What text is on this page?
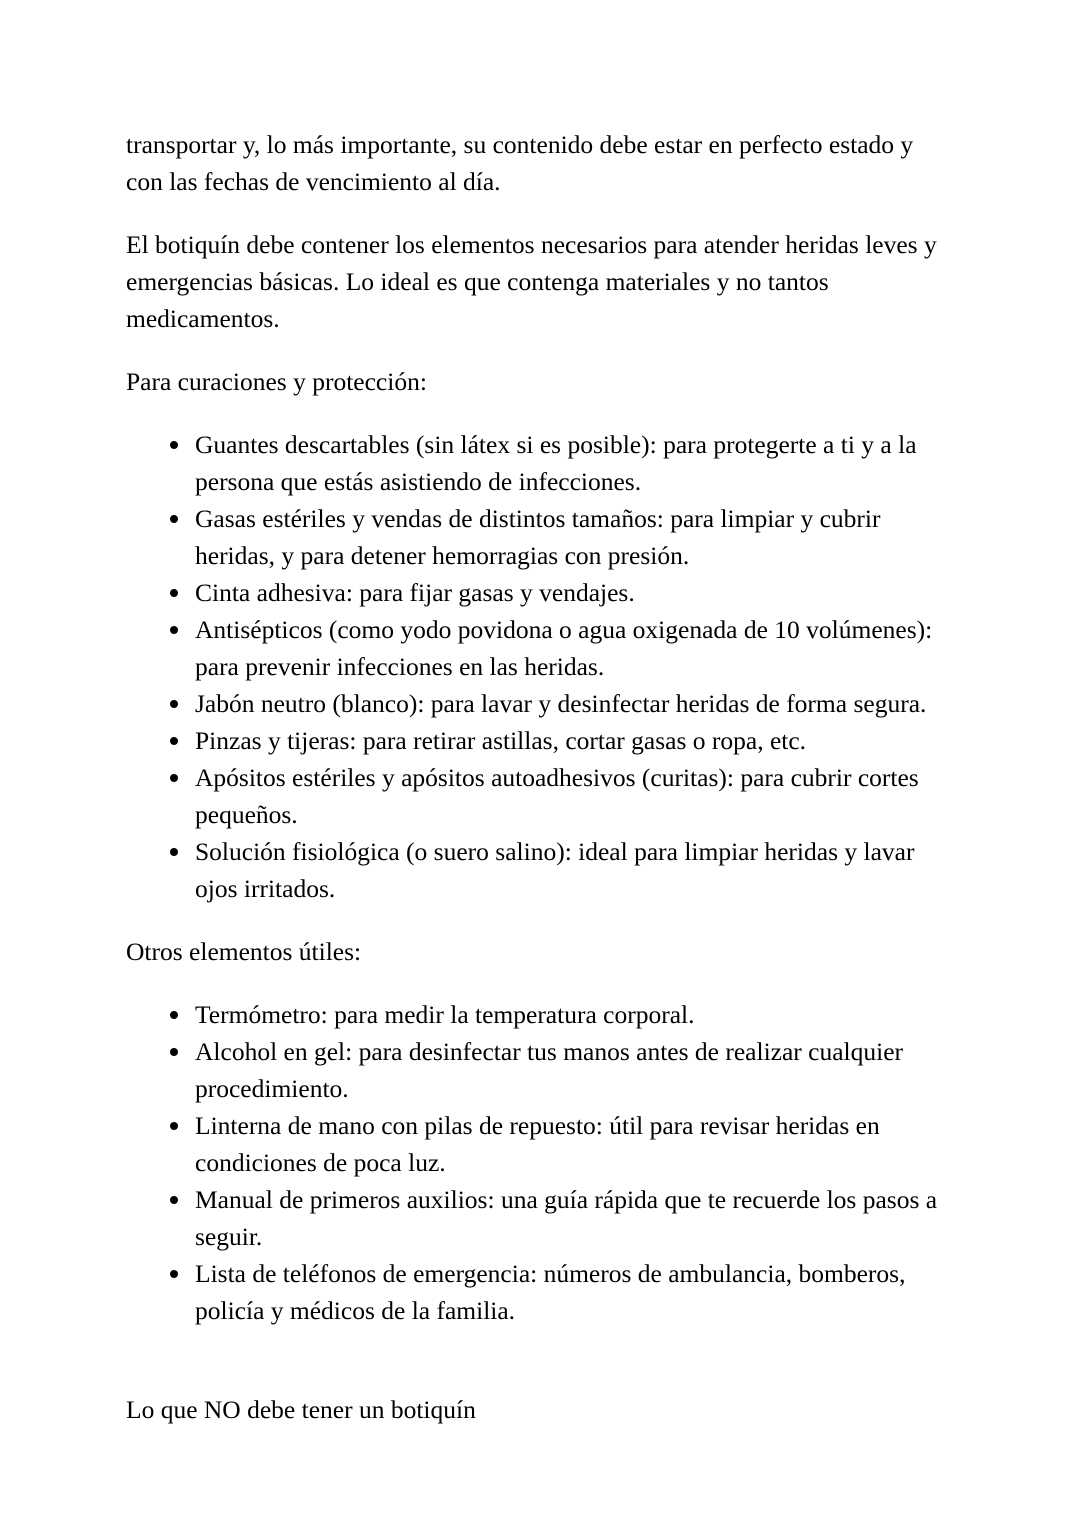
transportar y, lo más importante, su contenido debe estar en perfecto estado y con las fechas de vencimiento al día.

El botiquín debe contener los elementos necesarios para atender heridas leves y emergencias básicas. Lo ideal es que contenga materiales y no tantos medicamentos.

Para curaciones y protección:

Guantes descartables (sin látex si es posible): para protegerte a ti y a la persona que estás asistiendo de infecciones.
Gasas estériles y vendas de distintos tamaños: para limpiar y cubrir heridas, y para detener hemorragias con presión.
Cinta adhesiva: para fijar gasas y vendajes.
Antisépticos (como yodo povidona o agua oxigenada de 10 volúmenes): para prevenir infecciones en las heridas.
Jabón neutro (blanco): para lavar y desinfectar heridas de forma segura.
Pinzas y tijeras: para retirar astillas, cortar gasas o ropa, etc.
Apósitos estériles y apósitos autoadhesivos (curitas): para cubrir cortes pequeños.
Solución fisiológica (o suero salino): ideal para limpiar heridas y lavar ojos irritados.

Otros elementos útiles:

Termómetro: para medir la temperatura corporal.
Alcohol en gel: para desinfectar tus manos antes de realizar cualquier procedimiento.
Linterna de mano con pilas de repuesto: útil para revisar heridas en condiciones de poca luz.
Manual de primeros auxilios: una guía rápida que te recuerde los pasos a seguir.
Lista de teléfonos de emergencia: números de ambulancia, bomberos, policía y médicos de la familia.

Lo que NO debe tener un botiquín
